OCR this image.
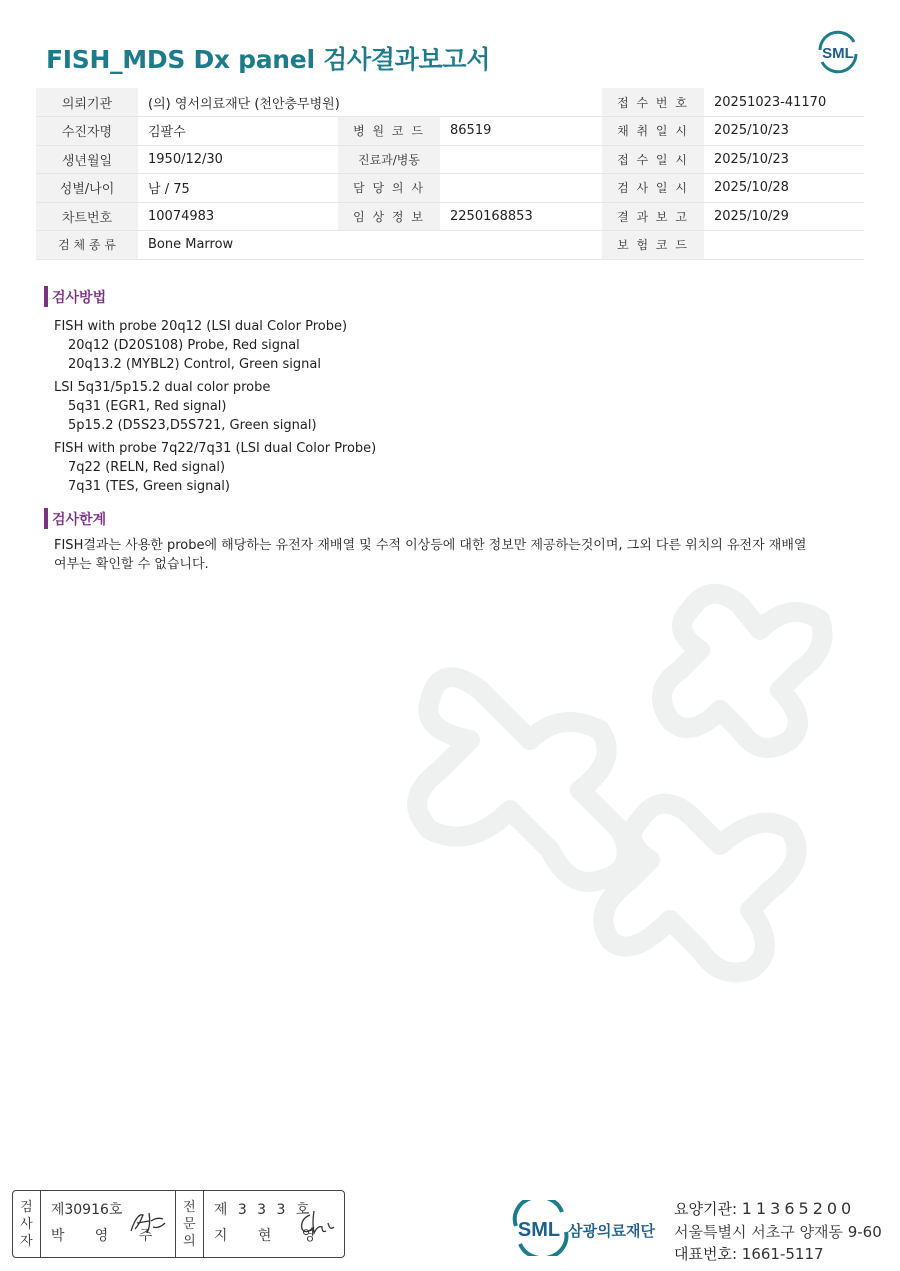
FISH_MDS Dx panel 검사결과보고서	SML
의뢰기관	(의) 영서의료재단 (천안충무병원)			접 수 번 호	20251023-41170
수진자명	김팔수	병 원 코 드	86519	채 취 일 시	2025/10/23
생년월일	1950/12/30	진료과/병동		접 수 일 시	2025/10/23
성별/나이	남 / 75	담 당 의 사		검 사 일 시	2025/10/28
차트번호	10074983	임 상 정 보	2250168853	결 과 보 고	2025/10/29
검 체 종 류	Bone Marrow			보 험 코 드	
검사방법
FISH with probe 20q12 (LSI dual Color Probe)
20q12 (D20S108) Probe, Red signal
20q13.2 (MYBL2) Control, Green signal
LSI 5q31/5p15.2 dual color probe
5q31 (EGR1, Red signal)
5p15.2 (D5S23,D5S721, Green signal)
FISH with probe 7q22/7q31 (LSI dual Color Probe)
7q22 (RELN, Red signal)
7q31 (TES, Green signal)
검사한계
FISH결과는 사용한 probe에 해당하는 유전자 재배열 및 수적 이상등에 대한 정보만 제공하는것이며, 그외 다른 위치의 유전자 재배열
여부는 확인할 수 없습니다.
검
사
자
제30916호
박 영 주
전
문
의
제 3 3 3 호
지 현 영	SML 삼광의료재단
요양기관: 11365200
서울특별시 서초구 양재동 9-60
대표번호: 1661-5117
